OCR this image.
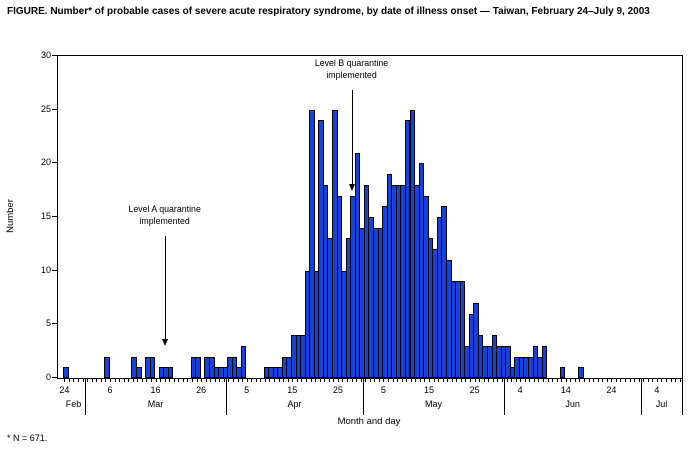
FIGURE. Number* of probable cases of severe acute respiratory syndrome, by date of illness onset — Taiwan, February 24–July 9, 2003
Number
Month and day
* N = 671.
0
5
10
15
20
25
30
Feb	Mar	Apr	May	Jun	Jul
24	6	16	26	5	15	25	5	15	25	4	14	24	4
Level A quarantine
implemented
Level B quarantine
implemented
